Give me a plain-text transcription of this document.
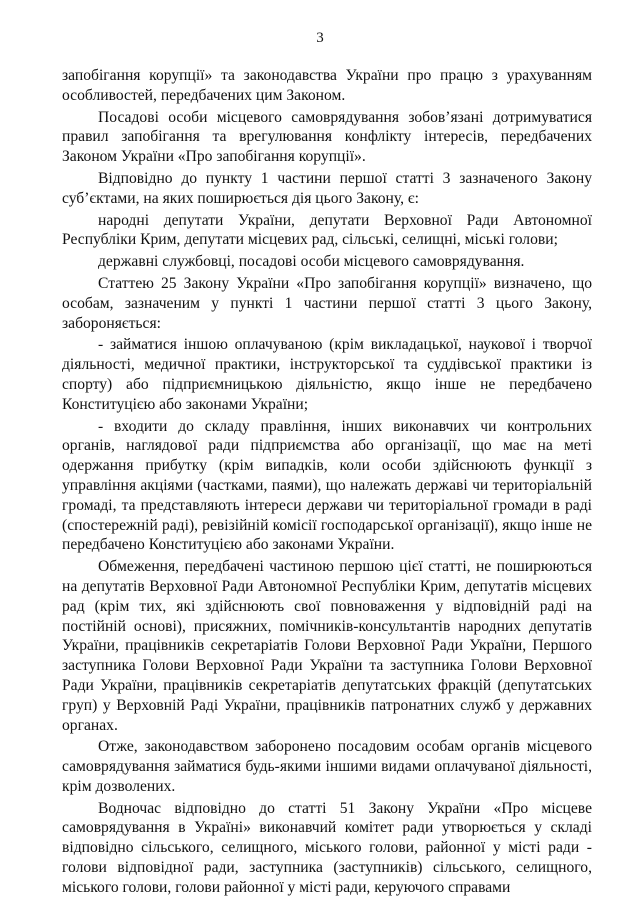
3

запобігання корупції» та законодавства України про працю з урахуванням особливостей, передбачених цим Законом.

Посадові особи місцевого самоврядування зобов’язані дотримуватися правил запобігання та врегулювання конфлікту інтересів, передбачених Законом України «Про запобігання корупції».

Відповідно до пункту 1 частини першої статті 3 зазначеного Закону суб’єктами, на яких поширюється дія цього Закону, є:

народні депутати України, депутати Верховної Ради Автономної Республіки Крим, депутати місцевих рад, сільські, селищні, міські голови;

державні службовці, посадові особи місцевого самоврядування.

Статтею 25 Закону України «Про запобігання корупції» визначено, що особам, зазначеним у пункті 1 частини першої статті 3 цього Закону, забороняється:

- займатися іншою оплачуваною (крім викладацької, наукової і творчої діяльності, медичної практики, інструкторської та суддівської практики із спорту) або підприємницькою діяльністю, якщо інше не передбачено Конституцією або законами України;

- входити до складу правління, інших виконавчих чи контрольних органів, наглядової ради підприємства або організації, що має на меті одержання прибутку (крім випадків, коли особи здійснюють функції з управління акціями (частками, паями), що належать державі чи територіальній громаді, та представляють інтереси держави чи територіальної громади в раді (спостережній раді), ревізійній комісії господарської організації), якщо інше не передбачено Конституцією або законами України.

Обмеження, передбачені частиною першою цієї статті, не поширюються на депутатів Верховної Ради Автономної Республіки Крим, депутатів місцевих рад (крім тих, які здійснюють свої повноваження у відповідній раді на постійній основі), присяжних, помічників-консультантів народних депутатів України, працівників секретаріатів Голови Верховної Ради України, Першого заступника Голови Верховної Ради України та заступника Голови Верховної Ради України, працівників секретаріатів депутатських фракцій (депутатських груп) у Верховній Раді України, працівників патронатних служб у державних органах.

Отже, законодавством заборонено посадовим особам органів місцевого самоврядування займатися будь-якими іншими видами оплачуваної діяльності, крім дозволених.

Водночас відповідно до статті 51 Закону України «Про місцеве самоврядування в Україні» виконавчий комітет ради утворюється у складі відповідно сільського, селищного, міського голови, районної у місті ради - голови відповідної ради, заступника (заступників) сільського, селищного, міського голови, голови районної у місті ради, керуючого справами
